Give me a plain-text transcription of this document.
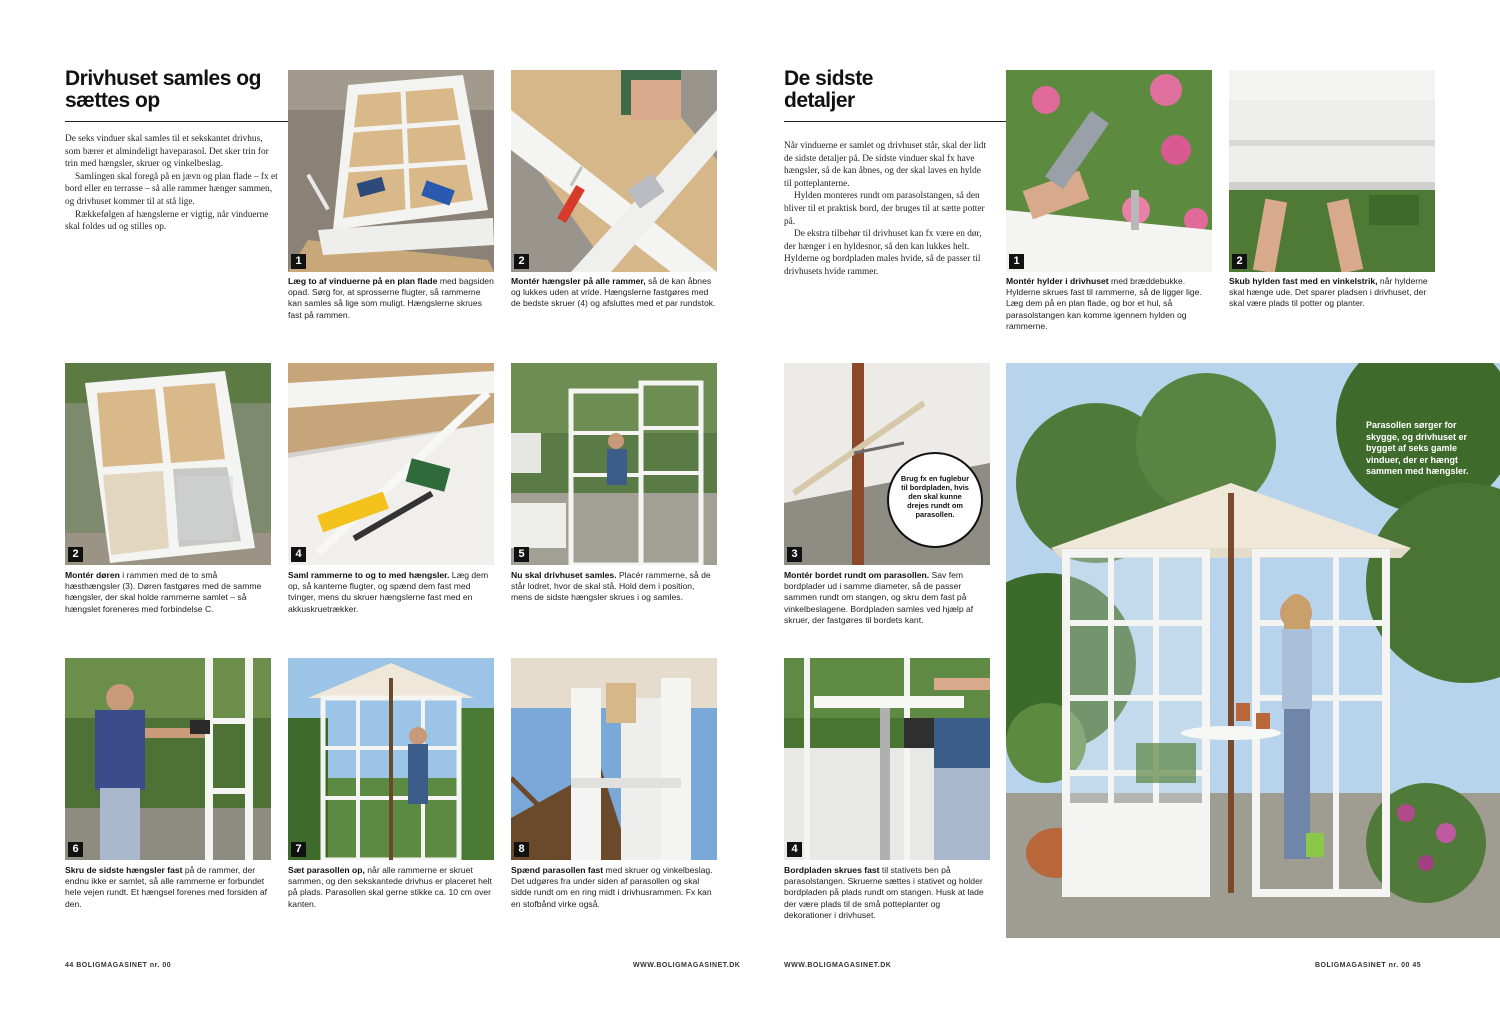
Drivhuset samles og sættes op

De seks vinduer skal samles til et sekskantet drivhus, som bærer et almindeligt haveparasol. Det sker trin for trin med hængsler, skruer og vinkelbeslag.

Samlingen skal foregå på en jævn og plan flade – fx et bord eller en terrasse – så alle rammer hænger sammen, og drivhuset kommer til at stå lige.

Rækkefølgen af hængslerne er vigtig, når vinduerne skal foldes ud og stilles op.

1	2
Læg to af vinduerne på en plan flade med bagsiden opad. Sørg for, at sprosserne flugter, så rammerne kan samles så lige som muligt. Hængslerne skrues fast på rammen.
Montér hængsler på alle rammer, så de kan åbnes og lukkes uden at vride. Hængslerne fastgøres med de bedste skruer (4) og afsluttes med et par rundstok.
2	4	5
Montér døren i rammen med de to små hæsthængsler (3). Døren fastgøres med de samme hængsler, der skal holde rammerne samlet – så hængslet foreneres med forbindelse C.
Saml rammerne to og to med hængsler. Læg dem op, så kanterne flugter, og spænd dem fast med tvinger, mens du skruer hængslerne fast med en akkuskruetrækker.
Nu skal drivhuset samles. Placér rammerne, så de står lodret, hvor de skal stå. Hold dem i position, mens de sidste hængsler skrues i og samles.
6	7	8
Skru de sidste hængsler fast på de rammer, der endnu ikke er samlet, så alle rammerne er forbundet hele vejen rundt. Et hængsel forenes med forsiden af den.
Sæt parasollen op, når alle rammerne er skruet sammen, og den sekskantede drivhus er placeret helt på plads. Parasollen skal gerne stikke ca. 10 cm over kanten.
Spænd parasollen fast med skruer og vinkelbeslag. Det udgøres fra under siden af parasollen og skal sidde rundt om en ring midt i drivhusrammen. Fx kan en stofbånd virke også.
44 BOLIGMAGASINET nr. 00	WWW.BOLIGMAGASINET.DK
De sidste detaljer

Når vinduerne er samlet og drivhuset står, skal der lidt de sidste detaljer på. De sidste vinduer skal fx have hængsler, så de kan åbnes, og der skal laves en hylde til potteplanterne.

Hylden monteres rundt om parasolstangen, så den bliver til et praktisk bord, der bruges til at sætte potter på.

De ekstra tilbehør til drivhuset kan fx være en dør, der hænger i en hyldesnor, så den kan lukkes helt. Hylderne og bordpladen males hvide, så de passer til drivhusets hvide rammer.

1	2
Montér hylder i drivhuset med bræddebukke. Hylderne skrues fast til rammerne, så de ligger lige. Læg dem på en plan flade, og bor et hul, så parasolstangen kan komme igennem hylden og rammerne.
Skub hylden fast med en vinkelstrik, når hylderne skal hænge ude. Det sparer pladsen i drivhuset, der skal være plads til potter og planter.
3
Brug fx en fuglebur til bordpladen, hvis den skal kunne drejes rundt om parasollen.
Montér bordet rundt om parasollen. Sav fem bordplader ud i samme diameter, så de passer sammen rundt om stangen, og skru dem fast på vinkelbeslagene. Bordpladen samles ved hjælp af skruer, der fastgøres til bordets kant.
4
Bordpladen skrues fast til stativets ben på parasolstangen. Skruerne sættes i stativet og holder bordpladen på plads rundt om stangen. Husk at lade der være plads til de små potteplanter og dekorationer i drivhuset.
Parasollen sørger for skygge, og drivhuset er bygget af seks gamle vinduer, der er hængt sammen med hængsler.
WWW.BOLIGMAGASINET.DK	BOLIGMAGASINET nr. 00 45
